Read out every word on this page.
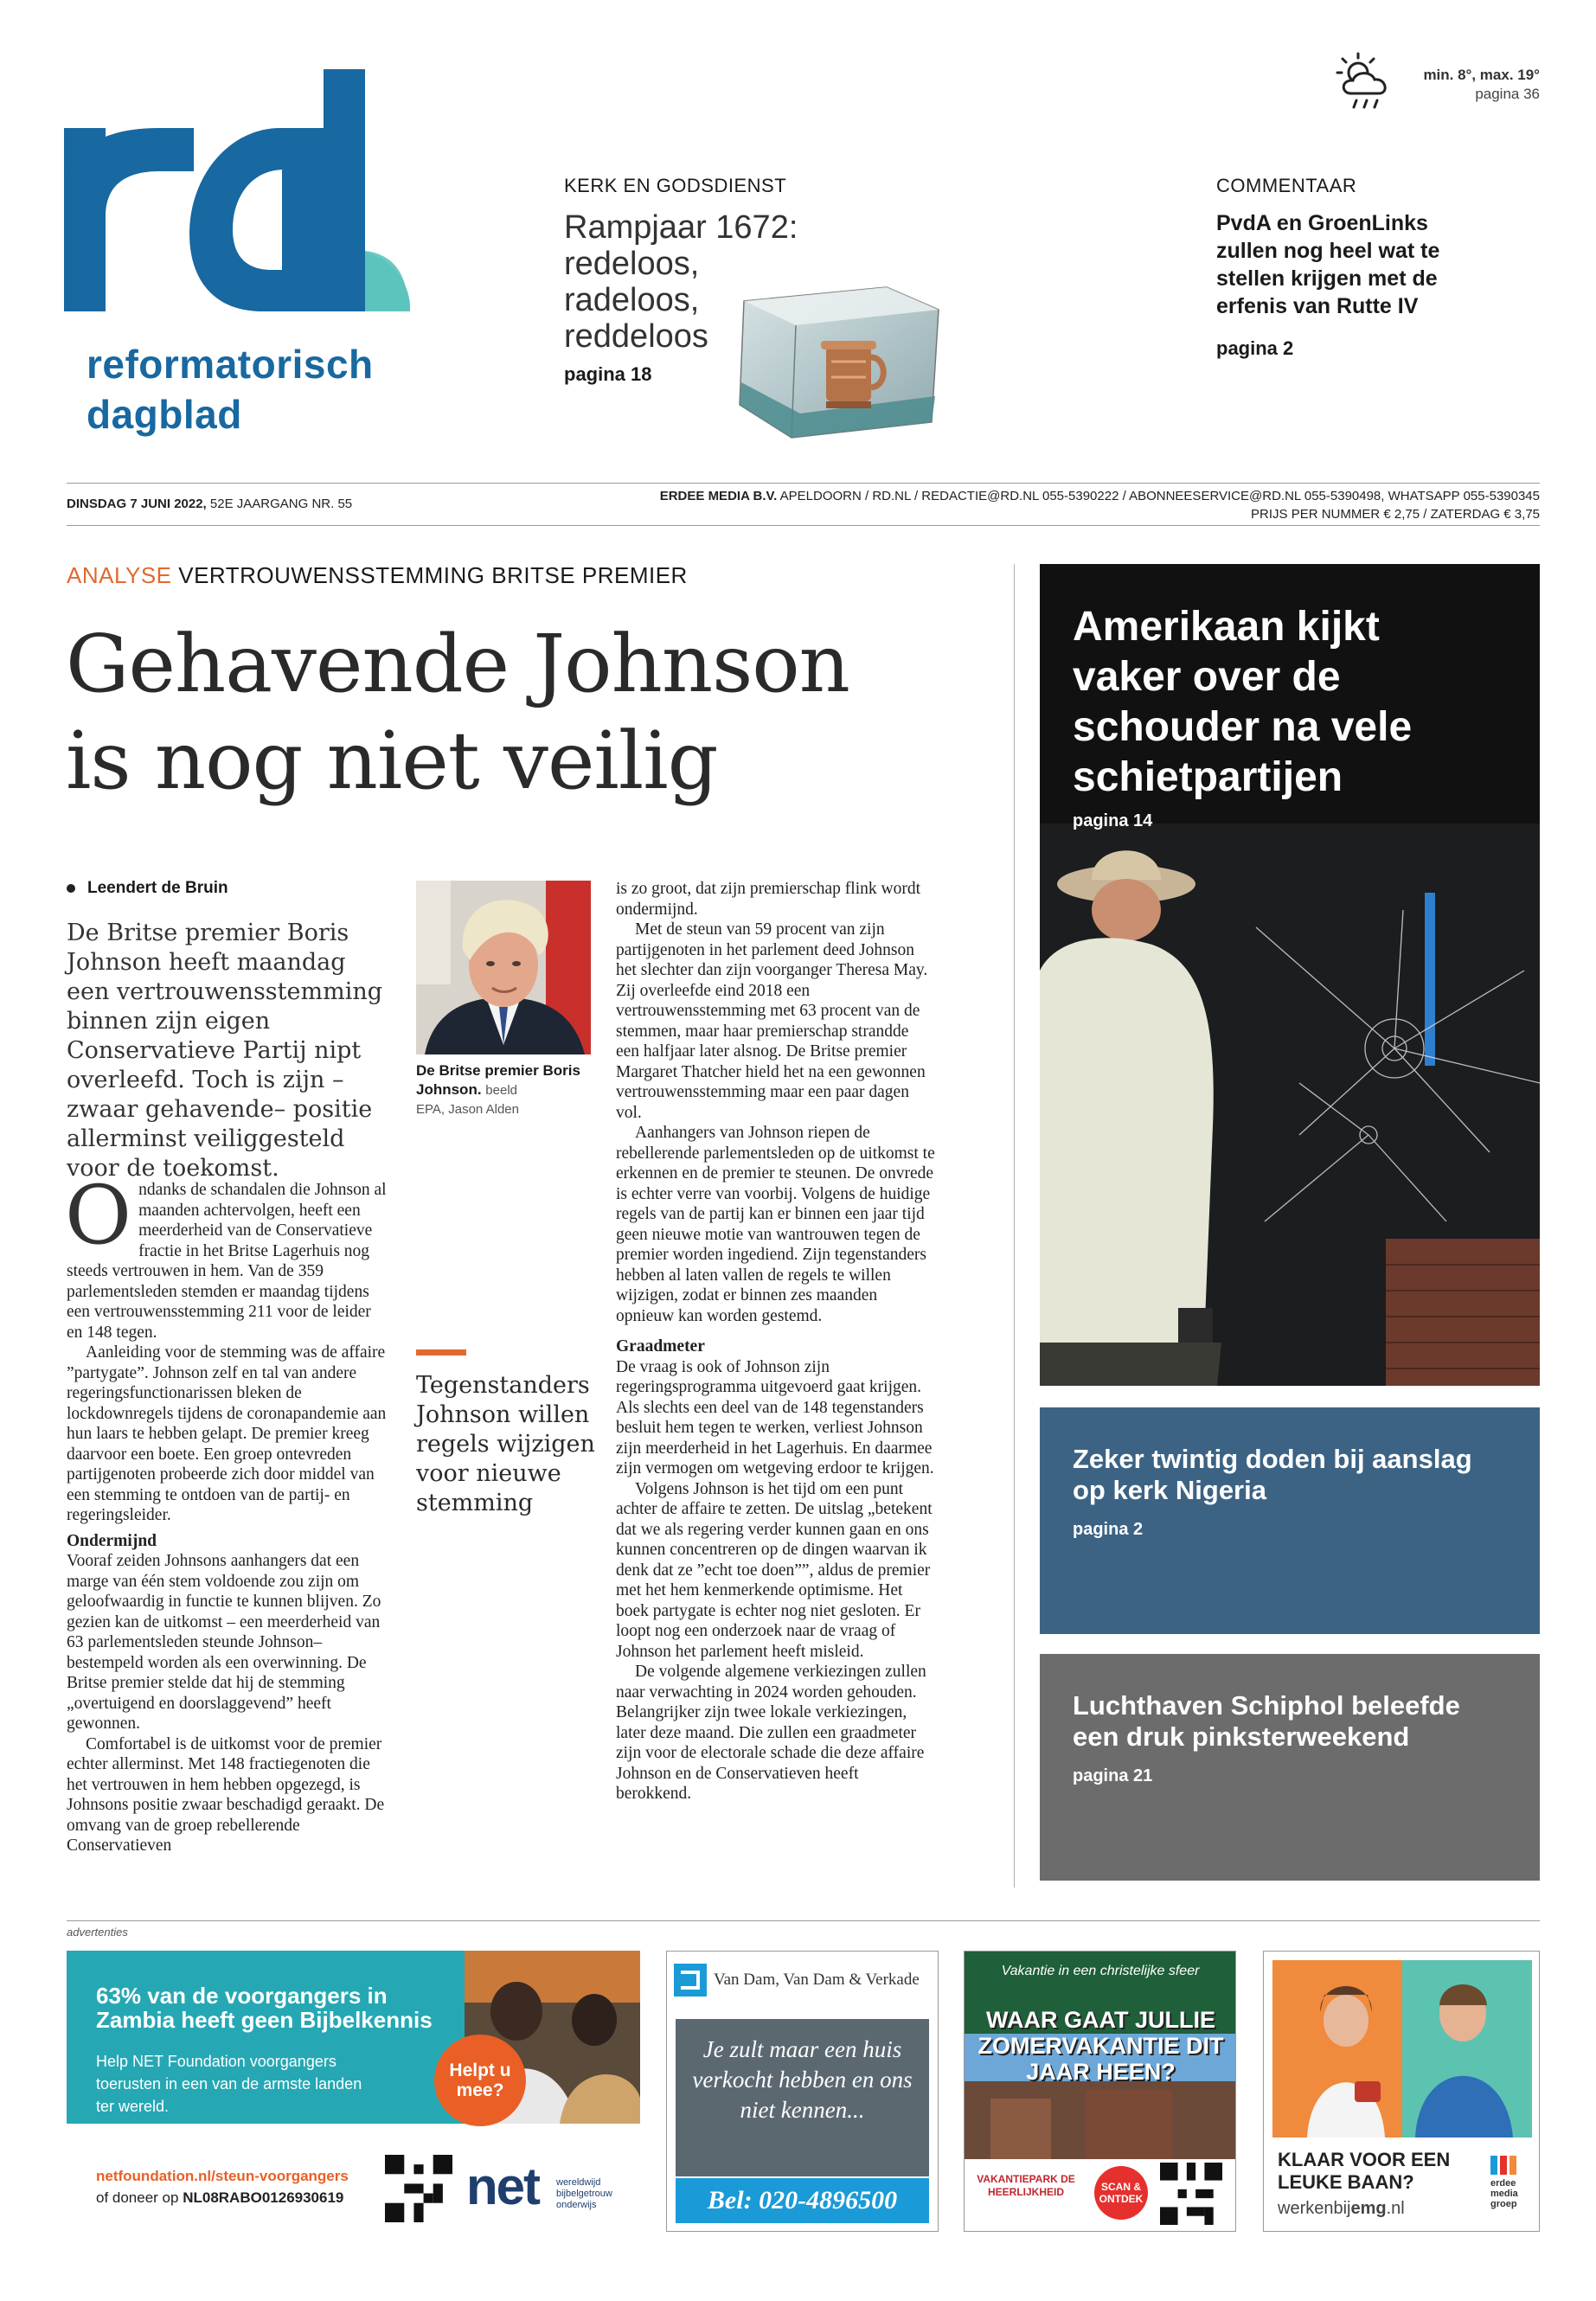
reformatorisch
dagblad
min. 8°, max. 19°
pagina 36
KERK EN GODSDIENST
Rampjaar 1672:
redeloos,
radeloos,
reddeloos
pagina 18
COMMENTAAR
PvdA en GroenLinks
zullen nog heel wat te
stellen krijgen met de
erfenis van Rutte IV
pagina 2
DINSDAG 7 JUNI 2022, 52E JAARGANG NR. 55
ERDEE MEDIA B.V. APELDOORN / RD.NL / REDACTIE@RD.NL 055-5390222 / ABONNEESERVICE@RD.NL 055-5390498, WHATSAPP 055-5390345
PRIJS PER NUMMER € 2,75 / ZATERDAG € 3,75
ANALYSE VERTROUWENSSTEMMING BRITSE PREMIER
Gehavende Johnson
is nog niet veilig
Leendert de Bruin
De Britse premier Boris Johnson heeft maandag een vertrouwensstemming binnen zijn eigen Conservatieve Partij nipt overleefd. Toch is zijn –zwaar gehavende– positie allerminst veiliggesteld voor de toekomst.

Ondanks de schandalen die Johnson al maanden achtervolgen, heeft een meerderheid van de Conservatieve fractie in het Britse Lagerhuis nog steeds vertrouwen in hem. Van de 359 parlementsleden stemden er maandag tijdens een vertrouwensstemming 211 voor de leider en 148 tegen.

Aanleiding voor de stemming was de affaire ”partygate”. Johnson zelf en tal van andere regeringsfunctionarissen bleken de lockdownregels tijdens de coronapandemie aan hun laars te hebben gelapt. De premier kreeg daarvoor een boete. Een groep ontevreden partijgenoten probeerde zich door middel van een stemming te ontdoen van de partij- en regeringsleider.

Ondermijnd

Vooraf zeiden Johnsons aanhangers dat een marge van één stem voldoende zou zijn om geloofwaardig in functie te kunnen blijven. Zo gezien kan de uitkomst – een meerderheid van 63 parlementsleden steunde Johnson– bestempeld worden als een overwinning. De Britse premier stelde dat hij de stemming „overtuigend en doorslaggevend” heeft gewonnen.

Comfortabel is de uitkomst voor de premier echter allerminst. Met 148 fractiegenoten die het vertrouwen in hem hebben opgezegd, is Johnsons positie zwaar beschadigd geraakt. De omvang van de groep rebellerende Conservatieven

De Britse premier Boris Johnson. beeld
EPA, Jason Alden
Tegenstanders Johnson willen regels wijzigen voor nieuwe stemming

is zo groot, dat zijn premierschap flink wordt ondermijnd.

Met de steun van 59 procent van zijn partijgenoten in het parlement deed Johnson het slechter dan zijn voorganger Theresa May. Zij overleefde eind 2018 een vertrouwensstemming met 63 procent van de stemmen, maar haar premierschap strandde een halfjaar later alsnog. De Britse premier Margaret Thatcher hield het na een gewonnen vertrouwensstemming maar een paar dagen vol.

Aanhangers van Johnson riepen de rebellerende parlementsleden op de uitkomst te erkennen en de premier te steunen. De onvrede is echter verre van voorbij. Volgens de huidige regels van de partij kan er binnen een jaar tijd geen nieuwe motie van wantrouwen tegen de premier worden ingediend. Zijn tegenstanders hebben al laten vallen de regels te willen wijzigen, zodat er binnen zes maanden opnieuw kan worden gestemd.

Graadmeter

De vraag is ook of Johnson zijn regeringsprogramma uitgevoerd gaat krijgen. Als slechts een deel van de 148 tegenstanders besluit hem tegen te werken, verliest Johnson zijn meerderheid in het Lagerhuis. En daarmee zijn vermogen om wetgeving erdoor te krijgen.

Volgens Johnson is het tijd om een punt achter de affaire te zetten. De uitslag „betekent dat we als regering verder kunnen gaan en ons kunnen concentreren op de dingen waarvan ik denk dat ze ”echt toe doen””, aldus de premier met het hem kenmerkende optimisme. Het boek partygate is echter nog niet gesloten. Er loopt nog een onderzoek naar de vraag of Johnson het parlement heeft misleid.

De volgende algemene verkiezingen zullen naar verwachting in 2024 worden gehouden. Belangrijker zijn twee lokale verkiezingen, later deze maand. Die zullen een graadmeter zijn voor de electorale schade die deze affaire Johnson en de Conservatieven heeft berokkend.

Amerikaan kijkt vaker over de schouder na vele schietpartijen
pagina 14
Zeker twintig doden bij aanslag op kerk Nigeria
pagina 2
Luchthaven Schiphol beleefde een druk pinksterweekend
pagina 21
advertenties
63% van de voorgangers in Zambia heeft geen Bijbelkennis
Help NET Foundation voorgangers toerusten in een van de armste landen ter wereld.
Helpt u mee?
netfoundation.nl/steun-voorgangers
of doneer op NL08RABO0126930619 net wereldwijd bijbelgetrouw onderwijs
Van Dam, Van Dam & Verkade
Je zult maar een huis verkocht hebben en ons niet kennen...
Bel: 020-4896500
Vakantie in een christelijke sfeer
WAAR GAAT JULLIE ZOMERVAKANTIE DIT JAAR HEEN?
VAKANTIEPARK DE HEERLIJKHEID	SCAN & ONTDEK
KLAAR VOOR EEN LEUKE BAAN?
werkenbijemg.nl
erdee media groep
